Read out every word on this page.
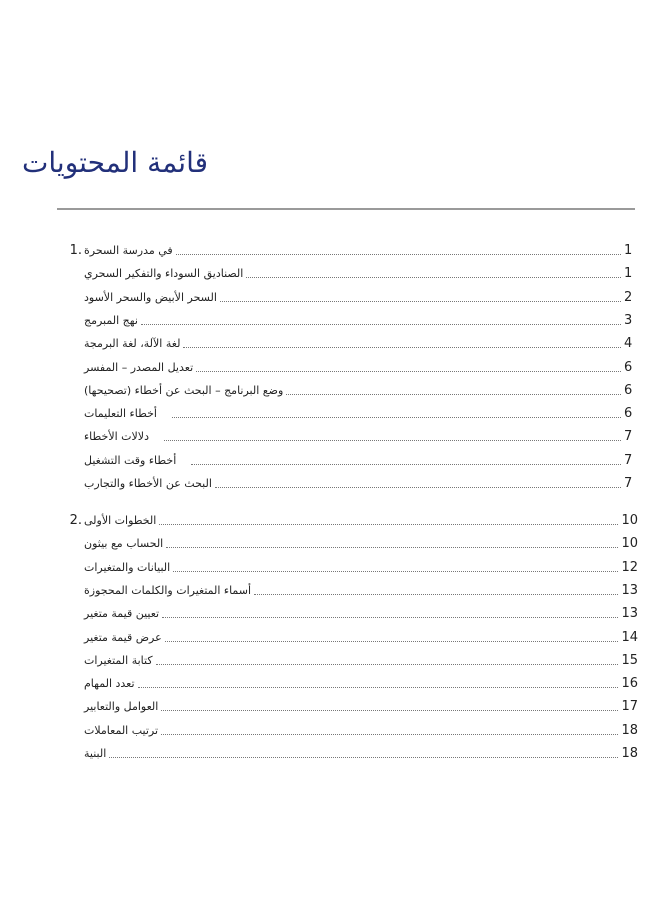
قائمة المحتويات
1. في مدرسة السحرة	1
الصناديق السوداء والتفكير السحري	1
السحر الأبيض والسحر الأسود	2
نهج المبرمج	3
لغة الآلة، لغة البرمجة	4
تعديل المصدر – المفسر	6
وضع البرنامج – البحث عن أخطاء (تصحيحها)	6
أخطاء التعليمات	6
دلالات الأخطاء	7
أخطاء وقت التشغيل	7
البحث عن الأخطاء والتجارب	7
2. الخطوات الأولى	10
الحساب مع بيثون	10
البيانات والمتغيرات	12
أسماء المتغيرات والكلمات المحجوزة	13
تعيين قيمة متغير	13
عرض قيمة متغير	14
كتابة المتغيرات	15
تعدد المهام	16
العوامل والتعابير	17
ترتيب المعاملات	18
البنية	18
